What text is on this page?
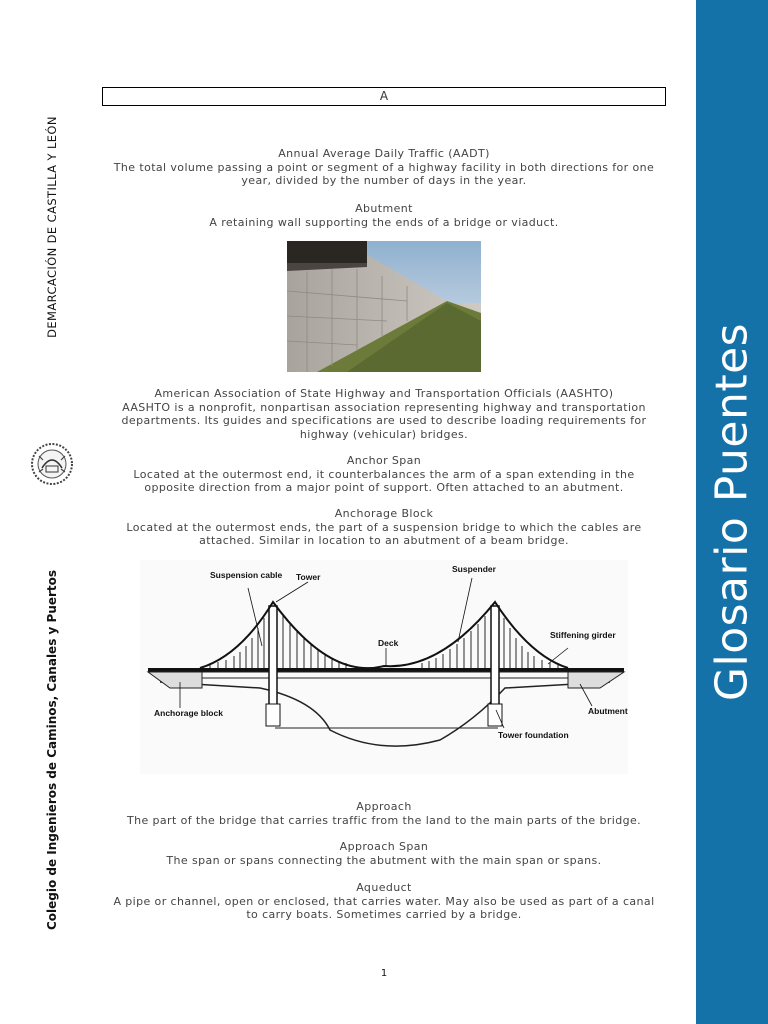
DEMARCACIÓN DE CASTILLA Y LEÓN
Colegio de Ingenieros de Caminos, Canales y Puertos
Glosario Puentes
A
Annual Average Daily Traffic (AADT)
The total volume passing a point or segment of a highway facility in both directions for one year, divided by the number of days in the year.
Abutment
A retaining wall supporting the ends of a bridge or viaduct.
American Association of State Highway and Transportation Officials (AASHTO)
AASHTO is a nonprofit, nonpartisan association representing highway and transportation departments. Its guides and specifications are used to describe loading requirements for highway (vehicular) bridges.
Anchor Span
Located at the outermost end, it counterbalances the arm of a span extending in the opposite direction from a major point of support. Often attached to an abutment.
Anchorage Block
Located at the outermost ends, the part of a suspension bridge to which the cables are attached. Similar in location to an abutment of a beam bridge.
Suspension cable Tower
Suspender
Deck
Stiffening girder
Anchorage block	Abutment
Tower foundation
Approach
The part of the bridge that carries traffic from the land to the main parts of the bridge.
Approach Span
The span or spans connecting the abutment with the main span or spans.
Aqueduct
A pipe or channel, open or enclosed, that carries water. May also be used as part of a canal to carry boats. Sometimes carried by a bridge.
1
